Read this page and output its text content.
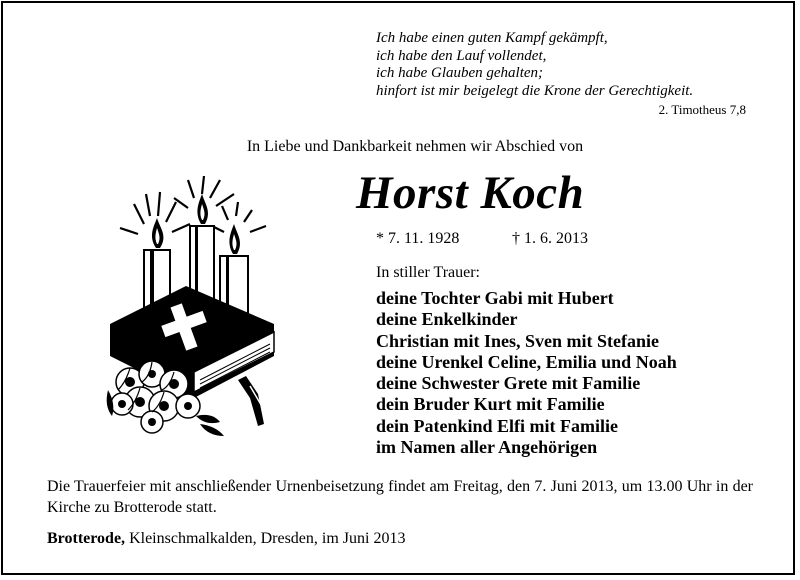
Ich habe einen guten Kampf gekämpft,
ich habe den Lauf vollendet,
ich habe Glauben gehalten;
hinfort ist mir beigelegt die Krone der Gerechtigkeit.
2. Timotheus 7,8
In Liebe und Dankbarkeit nehmen wir Abschied von
Horst Koch
* 7. 11. 1928	† 1. 6. 2013
In stiller Trauer:
deine Tochter Gabi mit Hubert
deine Enkelkinder
Christian mit Ines, Sven mit Stefanie
deine Urenkel Celine, Emilia und Noah
deine Schwester Grete mit Familie
dein Bruder Kurt mit Familie
dein Patenkind Elfi mit Familie
im Namen aller Angehörigen
Die Trauerfeier mit anschließender Urnenbeisetzung findet am Freitag, den 7. Juni 2013, um 13.00 Uhr in der Kirche zu Brotterode statt.
Brotterode, Kleinschmalkalden, Dresden, im Juni 2013
